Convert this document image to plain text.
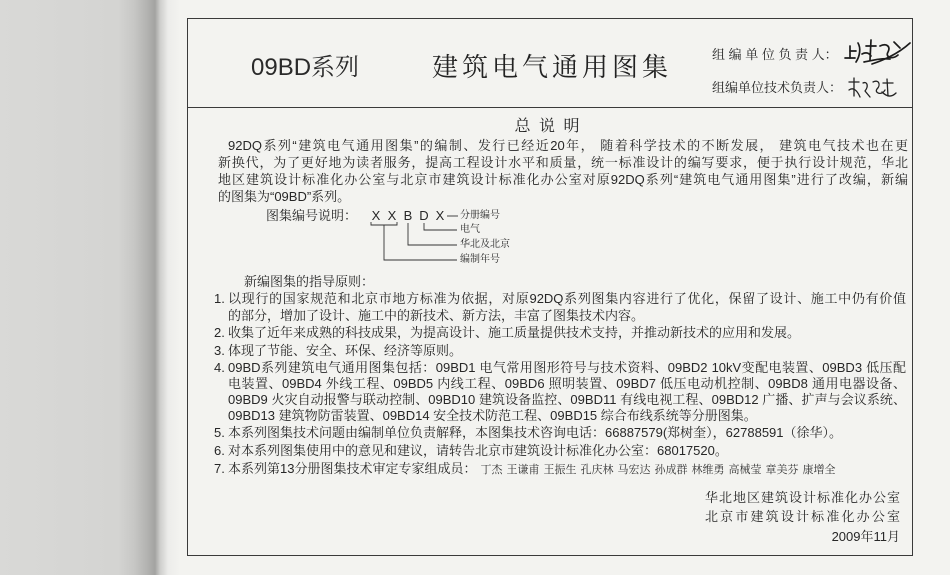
09BD系列	建筑电气通用图集	组 编 单 位 负 责 人：
组编单位技术负责人：
总 说 明
92DQ系列“建筑电气通用图集”的编制、发行已经近20年， 随着科学技术的不断发展， 建筑电气技术也在更
新换代，为了更好地为读者服务，提高工程设计水平和质量，统一标准设计的编写要求，便于执行设计规范，华北
地区建筑设计标准化办公室与北京市建筑设计标准化办公室对原92DQ系列“建筑电气通用图集”进行了改编，新编
的图集为“09BD”系列。
图集编号说明： X X B D X 分册编号
电气
华北及北京
编制年号
新编图集的指导原则：
1. 以现行的国家规范和北京市地方标准为依据，对原92DQ系列图集内容进行了优化，保留了设计、施工中仍有价值
的部分，增加了设计、施工中的新技术、新方法，丰富了图集技术内容。
2. 收集了近年来成熟的科技成果，为提高设计、施工质量提供技术支持，并推动新技术的应用和发展。
3. 体现了节能、安全、环保、经济等原则。
4. 09BD系列建筑电气通用图集包括：09BD1 电气常用图形符号与技术资料、09BD2 10kV变配电装置、09BD3 低压配
电装置、09BD4 外线工程、09BD5 内线工程、09BD6 照明装置、09BD7 低压电动机控制、09BD8 通用电器设备、
09BD9 火灾自动报警与联动控制、09BD10 建筑设备监控、09BD11 有线电视工程、09BD12 广播、扩声与会议系统、
09BD13 建筑物防雷装置、09BD14 安全技术防范工程、09BD15 综合布线系统等分册图集。
5. 本系列图集技术问题由编制单位负责解释，本图集技术咨询电话：66887579(郑树奎），62788591（徐华）。
6. 对本系列图集使用中的意见和建议，请转告北京市建筑设计标准化办公室：68017520。
7. 本系列第13分册图集技术审定专家组成员： 丁杰 王谦甫 王振生 孔庆林 马宏达 孙成群 林维勇 高械莹 章美芬 康增全
华北地区建筑设计标准化办公室
北京市建筑设计标准化办公室
2009年11月
